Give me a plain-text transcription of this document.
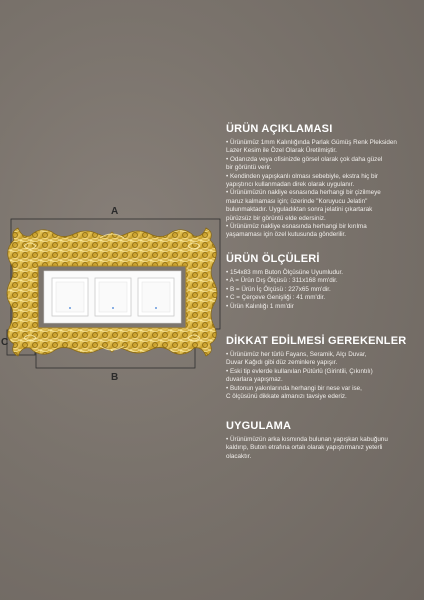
A
B
C
ÜRÜN AÇIKLAMASI
• Ürünümüz 1mm Kalınlığında Parlak Gümüş Renk Pleksiden
Lazer Kesim ile Özel Olarak Üretilmiştir.
• Odanızda veya ofisinizde görsel olarak çok daha güzel
bir görüntü verir.
• Kendinden yapışkanlı olması sebebiyle, ekstra hiç bir
yapıştırıcı kullanmadan direk olarak uygulanır.
• Ürünümüzün nakliye esnasında herhangi bir çizilmeye
maruz kalmaması için; üzerinde "Koruyucu Jelatin"
bulunmaktadır. Uyguladıktan sonra jelatini çıkartarak
pürüzsüz bir görüntü elde edersiniz.
• Ürünümüz nakliye esnasında herhangi bir kırılma
yaşamaması için özel kutusunda gönderilir.
ÜRÜN ÖLÇÜLERİ
• 154x83 mm Buton Ölçüsüne Uyumludur.
• A = Ürün Dış Ölçüsü : 311x168 mm'dir.
• B = Ürün İç Ölçüsü : 227x65 mm'dir.
• C = Çerçeve Genişliği : 41 mm'dir.
• Ürün Kalınlığı 1 mm'dir
DİKKAT EDİLMESİ GEREKENLER
• Ürünümüz her türlü Fayans, Seramik, Alçı Duvar,
Duvar Kağıdı gibi düz zeminlere yapışır.
• Eski tip evlerde kullanılan Pütürlü (Girintili, Çıkıntılı)
duvarlara yapışmaz.
• Butonun yakınlarında herhangi bir nese var ise,
C ölçüsünü dikkate almanızı tavsiye ederiz.
UYGULAMA
• Ürünümüzün arka kısmında bulunan yapışkan kabuğunu
kaldırıp, Buton etrafına ortalı olarak yapıştırmanız yeterli
olacaktır.
